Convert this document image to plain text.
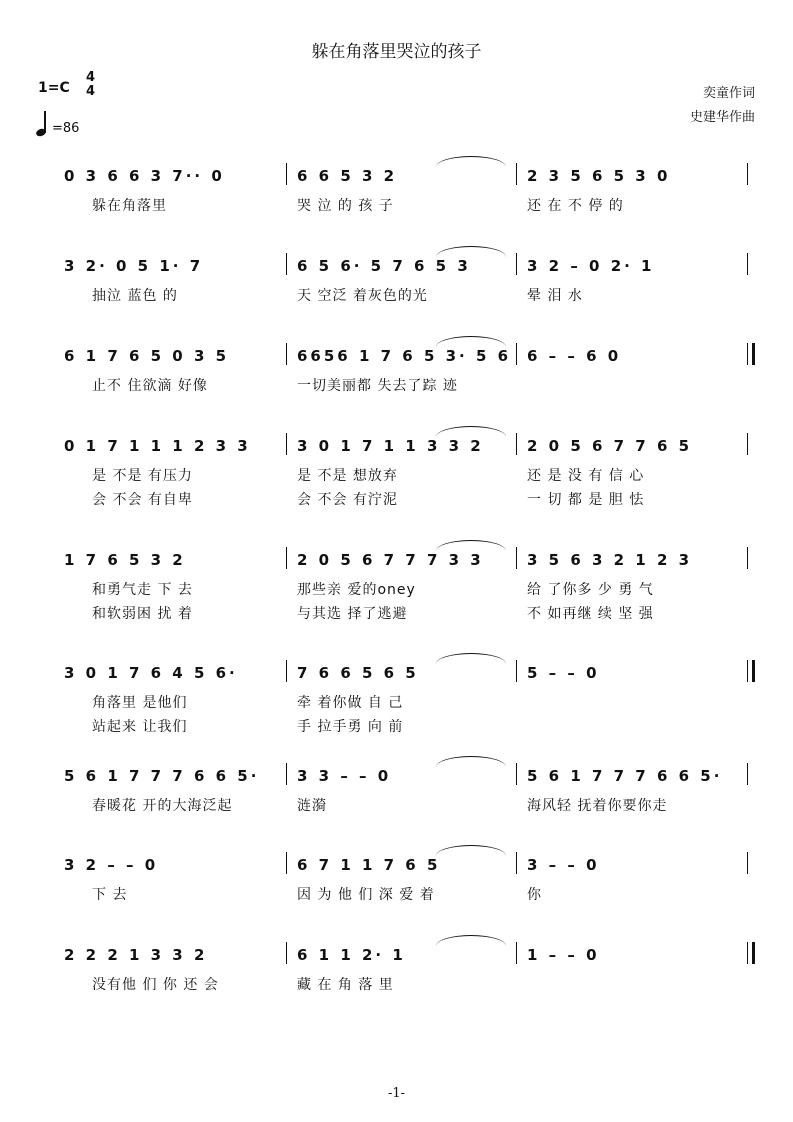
躲在角落里哭泣的孩子
1=C
4
4
=86
奕童作词
史建华作曲
0 3 6 6 3 7·· 0	6 6 5 3 2	2 3 5 6 5 3 0
躲在角落里	哭 泣 的 孩 子	还 在 不 停 的
3 2· 0 5 1· 7	6 5 6· 5 7 6 5 3	3 2 – 0 2· 1
抽泣 蓝色 的	天 空泛 着灰色的光	晕 泪 水
6 1 7 6 5 0 3 5	6656 1 7 6 5 3· 5 6 6 – – 6 0
止不 住欲滴 好像	一切美丽都 失去了踪 迹
0 1 7 1 1 1 2 3 3	3 0 1 7 1 1 3 3 2	2 0 5 6 7 7 6 5
是 不是 有压力	是 不是 想放弃	还 是 没 有 信 心
会 不会 有自卑	会 不会 有泞泥	一 切 都 是 胆 怯
1 7 6 5 3 2	2 0 5 6 7 7 7 3 3	3 5 6 3 2 1 2 3
和勇气走 下 去	那些亲 爱的oney	给 了你多 少 勇 气
和软弱困 扰 着	与其选 择了逃避	不 如再继 续 坚 强
3 0 1 7 6 4 5 6·	7 6 6 5 6 5	5 – – 0
角落里 是他们	牵 着你做 自 己
站起来 让我们	手 拉手勇 向 前
5 6 1 7 7 7 6 6 5·	3 3 – – 0	5 6 1 7 7 7 6 6 5·
春暖花 开的大海泛起	涟漪	海风轻 抚着你要你走
3 2 – – 0	6 7 1 1 7 6 5	3 – – 0
下 去	因 为 他 们 深 爱 着	你
2 2 2 1 3 3 2	6 1 1 2· 1	1 – – 0
没有他 们 你 还 会	藏 在 角 落 里
-1-
